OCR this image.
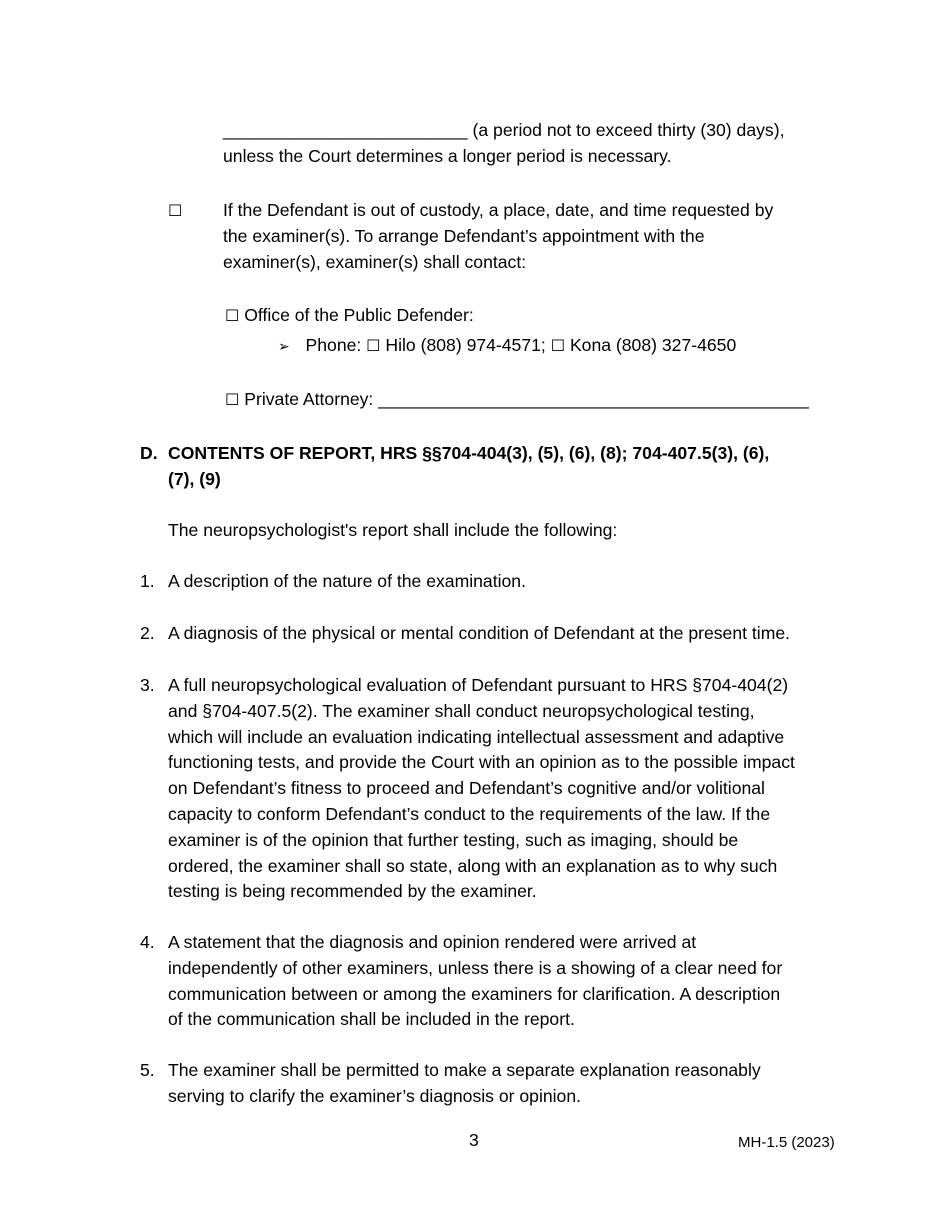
_________________________ (a period not to exceed thirty (30) days),
unless the Court determines a longer period is necessary.
☐ If the Defendant is out of custody, a place, date, and time requested by
the examiner(s). To arrange Defendant’s appointment with the
examiner(s), examiner(s) shall contact:
☐ Office of the Public Defender:
➢ Phone: ☐ Hilo (808) 974-4571; ☐ Kona (808) 327-4650
☐ Private Attorney: ____________________________________________
D. CONTENTS OF REPORT, HRS §§704-404(3), (5), (6), (8); 704-407.5(3), (6),
(7), (9)
The neuropsychologist's report shall include the following:
1. A description of the nature of the examination.
2. A diagnosis of the physical or mental condition of Defendant at the present time.
3. A full neuropsychological evaluation of Defendant pursuant to HRS §704-404(2)
and §704-407.5(2). The examiner shall conduct neuropsychological testing,
which will include an evaluation indicating intellectual assessment and adaptive
functioning tests, and provide the Court with an opinion as to the possible impact
on Defendant’s fitness to proceed and Defendant’s cognitive and/or volitional
capacity to conform Defendant’s conduct to the requirements of the law. If the
examiner is of the opinion that further testing, such as imaging, should be
ordered, the examiner shall so state, along with an explanation as to why such
testing is being recommended by the examiner.
4. A statement that the diagnosis and opinion rendered were arrived at
independently of other examiners, unless there is a showing of a clear need for
communication between or among the examiners for clarification. A description
of the communication shall be included in the report.
5. The examiner shall be permitted to make a separate explanation reasonably
serving to clarify the examiner’s diagnosis or opinion.
3	MH-1.5 (2023)
